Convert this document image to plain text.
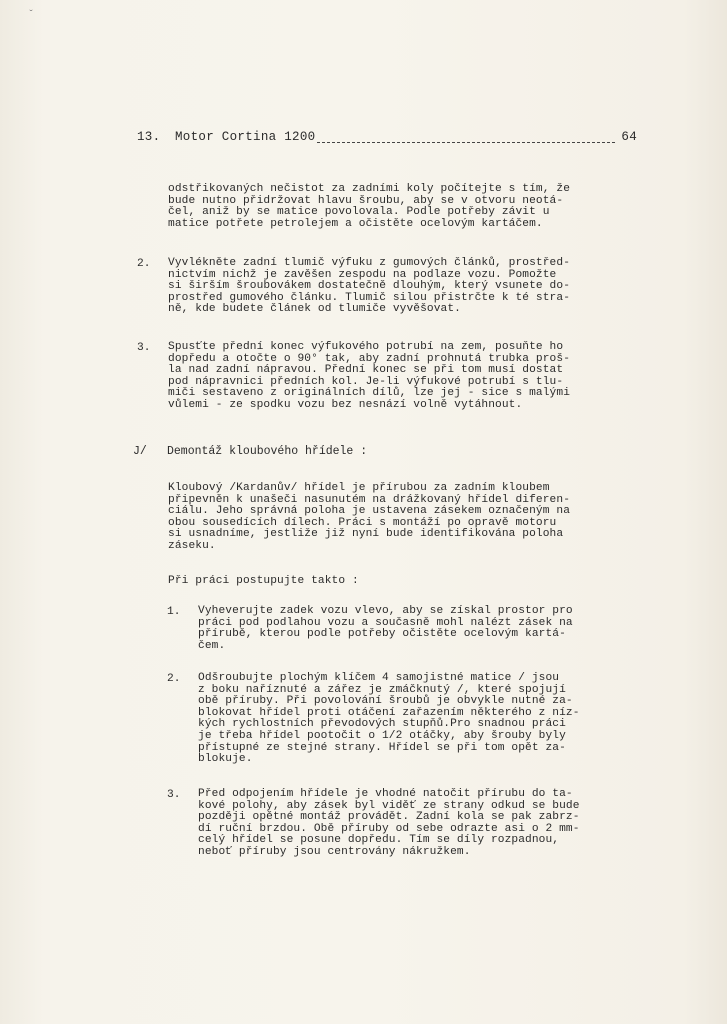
ˇ
13. Motor Cortina 1200	64

odstřikovaných nečistot za zadními koly počítejte s tím, že

bude nutno přidržovat hlavu šroubu, aby se v otvoru neotá-

čel, aniž by se matice povolovala. Podle potřeby závit u

matice potřete petrolejem a očistěte ocelovým kartáčem.

2. Vyvlékněte zadní tlumič výfuku z gumových článků, prostřed-

nictvím nichž je zavěšen zespodu na podlaze vozu. Pomožte

si širším šroubovákem dostatečně dlouhým, který vsunete do-

prostřed gumového článku. Tlumič silou přistrčte k té stra-

ně, kde budete článek od tlumiče vyvěšovat.

3. Spusťte přední konec výfukového potrubí na zem, posuňte ho

dopředu a otočte o 90° tak, aby zadní prohnutá trubka proš-

la nad zadní nápravou. Přední konec se při tom musí dostat

pod nápravnici předních kol. Je-li výfukové potrubí s tlu-

miči sestaveno z originálních dílů, lze jej - sice s malými

vůlemi - ze spodku vozu bez nesnází volně vytáhnout.

J/ Demontáž kloubového hřídele :

Kloubový /Kardanův/ hřídel je přírubou za zadním kloubem

připevněn k unašeči nasunutém na drážkovaný hřídel diferen-

ciálu. Jeho správná poloha je ustavena zásekem označeným na

obou sousedících dílech. Práci s montáží po opravě motoru

si usnadníme, jestliže již nyní bude identifikována poloha

záseku.

Při práci postupujte takto :

1. Vyheverujte zadek vozu vlevo, aby se získal prostor pro

práci pod podlahou vozu a současně mohl nalézt zásek na

přírubě, kterou podle potřeby očistěte ocelovým kartá-

čem.

2. Odšroubujte plochým klíčem 4 samojistné matice / jsou

z boku naříznuté a zářez je zmáčknutý /, které spojují

obě příruby. Při povolování šroubů je obvykle nutné za-

blokovat hřídel proti otáčení zařazením některého z níz-

kých rychlostních převodových stupňů.Pro snadnou práci

je třeba hřídel pootočit o 1/2 otáčky, aby šrouby byly

přístupné ze stejné strany. Hřídel se při tom opět za-

blokuje.

3. Před odpojením hřídele je vhodné natočit přírubu do ta-

kové polohy, aby zásek byl viděť ze strany odkud se bude

později opětné montáž provádět. Zadní kola se pak zabrz-

dí ruční brzdou. Obě příruby od sebe odrazte asi o 2 mm-

celý hřídel se posune dopředu. Tím se díly rozpadnou,

neboť příruby jsou centrovány nákružkem.
